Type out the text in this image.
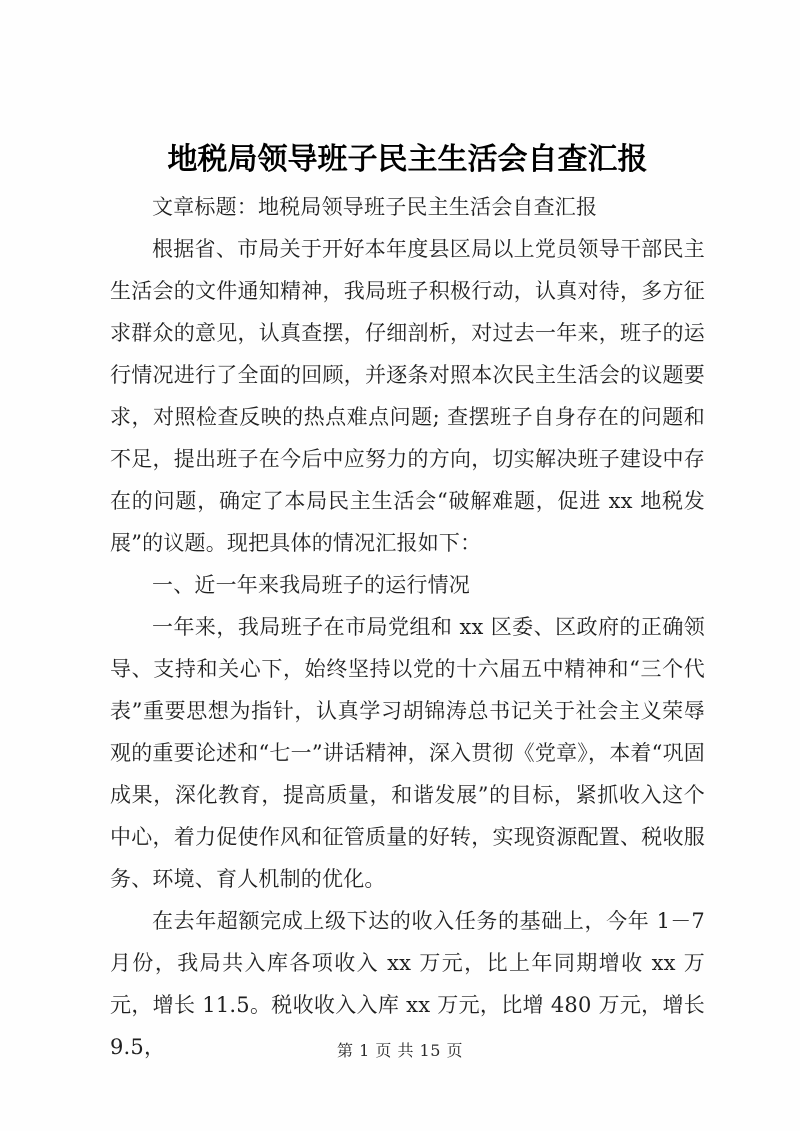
地税局领导班子民主生活会自查汇报

文章标题：地税局领导班子民主生活会自查汇报

根据省、市局关于开好本年度县区局以上党员领导干部民主生活会的文件通知精神，我局班子积极行动，认真对待，多方征求群众的意见，认真查摆，仔细剖析，对过去一年来，班子的运行情况进行了全面的回顾，并逐条对照本次民主生活会的议题要求，对照检查反映的热点难点问题; 查摆班子自身存在的问题和不足，提出班子在今后中应努力的方向，切实解决班子建设中存在的问题，确定了本局民主生活会“破解难题，促进 xx 地税发展”的议题。现把具体的情况汇报如下：

一、近一年来我局班子的运行情况

一年来，我局班子在市局党组和 xx 区委、区政府的正确领导、支持和关心下，始终坚持以党的十六届五中精神和“三个代表”重要思想为指针，认真学习胡锦涛总书记关于社会主义荣辱观的重要论述和“七一”讲话精神，深入贯彻《党章》，本着“巩固成果，深化教育，提高质量，和谐发展”的目标，紧抓收入这个中心，着力促使作风和征管质量的好转，实现资源配置、税收服务、环境、育人机制的优化。

在去年超额完成上级下达的收入任务的基础上，今年 1－7 月份，我局共入库各项收入 xx 万元，比上年同期增收 xx 万元，增长 11.5。税收收入入库 xx 万元，比增 480 万元，增长 9.5，	第 1 页 共 15 页
